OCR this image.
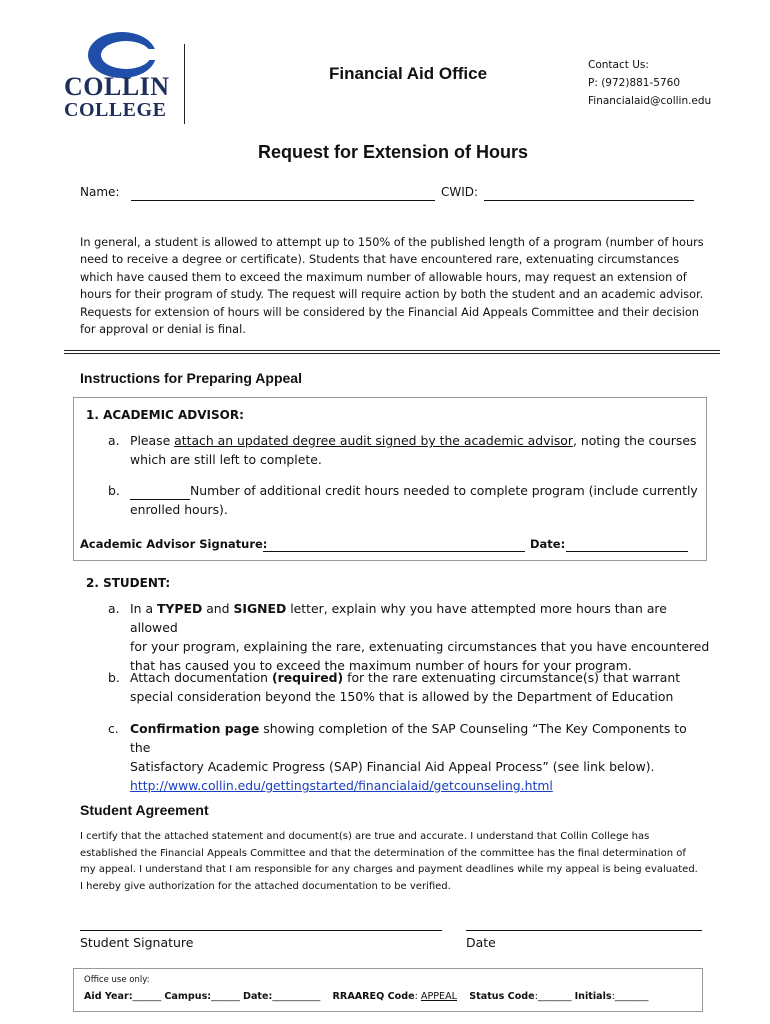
COLLIN
COLLEGE
Financial Aid Office	Contact Us:
P: (972)881-5760
Financialaid@collin.edu
Request for Extension of Hours
Name:	CWID:
In general, a student is allowed to attempt up to 150% of the published length of a program (number of hours
need to receive a degree or certificate). Students that have encountered rare, extenuating circumstances
which have caused them to exceed the maximum number of allowable hours, may request an extension of
hours for their program of study. The request will require action by both the student and an academic advisor.
Requests for extension of hours will be considered by the Financial Aid Appeals Committee and their decision
for approval or denial is final.
Instructions for Preparing Appeal
1. ACADEMIC ADVISOR:
a. Please attach an updated degree audit signed by the academic advisor, noting the courses
which are still left to complete.
b.	Number of additional credit hours needed to complete program (include currently
enrolled hours).
Academic Advisor Signature:	Date:
2. STUDENT:
a. In a TYPED and SIGNED letter, explain why you have attempted more hours than are allowed
for your program, explaining the rare, extenuating circumstances that you have encountered
that has caused you to exceed the maximum number of hours for your program.
b. Attach documentation (required) for the rare extenuating circumstance(s) that warrant
special consideration beyond the 150% that is allowed by the Department of Education
c. Confirmation page showing completion of the SAP Counseling “The Key Components to the
Satisfactory Academic Progress (SAP) Financial Aid Appeal Process” (see link below).
http://www.collin.edu/gettingstarted/financialaid/getcounseling.html
Student Agreement
I certify that the attached statement and document(s) are true and accurate. I understand that Collin College has
established the Financial Appeals Committee and that the determination of the committee has the final determination of
my appeal. I understand that I am responsible for any charges and payment deadlines while my appeal is being evaluated.
I hereby give authorization for the attached documentation to be verified.
Student Signature	Date
Office use only:
Aid Year:______ Campus:______ Date:__________ RRAAREQ Code: APPEAL Status Code:_______ Initials:_______
